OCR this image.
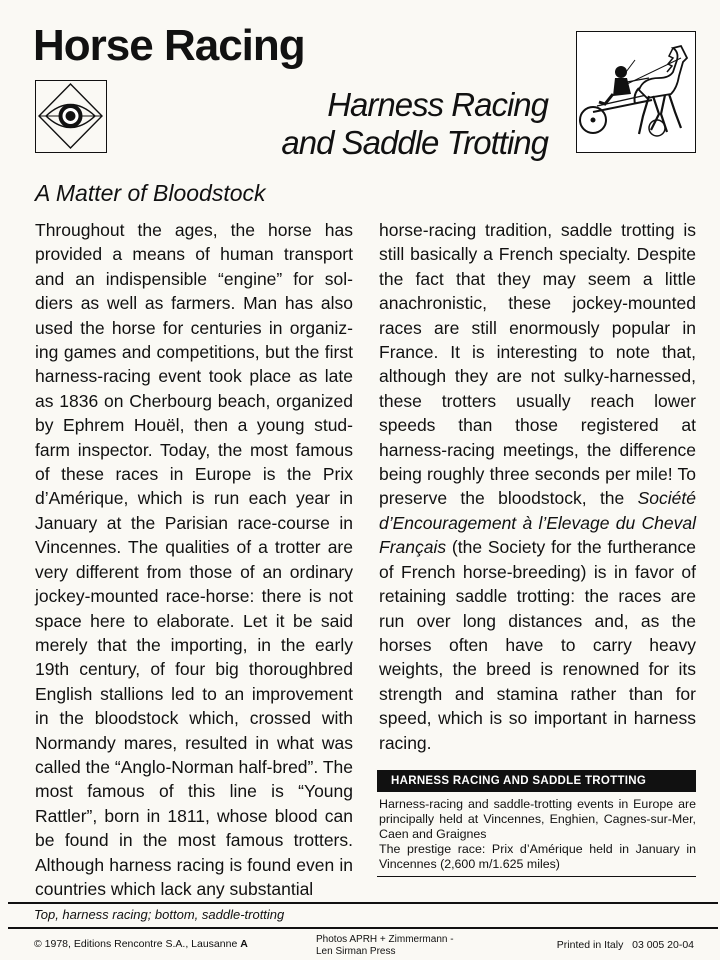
Horse Racing
Harness Racing
and Saddle Trotting
A Matter of Bloodstock

Throughout the ages, the horse has provided a means of human transport and an indispensible “engine” for soldiers as well as farmers. Man has also used the horse for centuries in organizing games and competitions, but the first harness-racing event took place as late as 1836 on Cherbourg beach, organized by Ephrem Houël, then a young stud-farm inspector. Today, the most famous of these races in Europe is the Prix d’Amérique, which is run each year in January at the Parisian race-course in Vincennes. The qualities of a trotter are very different from those of an ordinary jockey-mounted race-horse: there is not space here to elaborate. Let it be said merely that the importing, in the early 19th century, of four big thoroughbred English stallions led to an improvement in the bloodstock which, crossed with Normandy mares, resulted in what was called the “Anglo-Norman half-bred”. The most famous of this line is “Young Rattler”, born in 1811, whose blood can be found in the most famous trotters. Although harness racing is found even in countries which lack any substantial

horse-racing tradition, saddle trotting is still basically a French specialty. Despite the fact that they may seem a little anachronistic, these jockey-mounted races are still enormously popular in France. It is interesting to note that, although they are not sulky-harnessed, these trotters usually reach lower speeds than those registered at harness-racing meetings, the difference being roughly three seconds per mile! To preserve the bloodstock, the Société d’Encouragement à l’Elevage du Cheval Français (the Society for the furtherance of French horse-breeding) is in favor of retaining saddle trotting: the races are run over long distances and, as the horses often have to carry heavy weights, the breed is renowned for its strength and stamina rather than for speed, which is so important in harness racing.

HARNESS RACING AND SADDLE TROTTING

Harness-racing and saddle-trotting events in Europe are principally held at Vincennes, Enghien, Cagnes-sur-Mer, Caen and Graignes

The prestige race: Prix d’Amérique held in January in Vincennes (2,600 m/1.625 miles)

Top, harness racing; bottom, saddle-trotting
© 1978, Editions Rencontre S.A., Lausanne A	Photos APRH + Zimmermann -
Len Sirman Press
Printed in Italy 03 005 20-04
